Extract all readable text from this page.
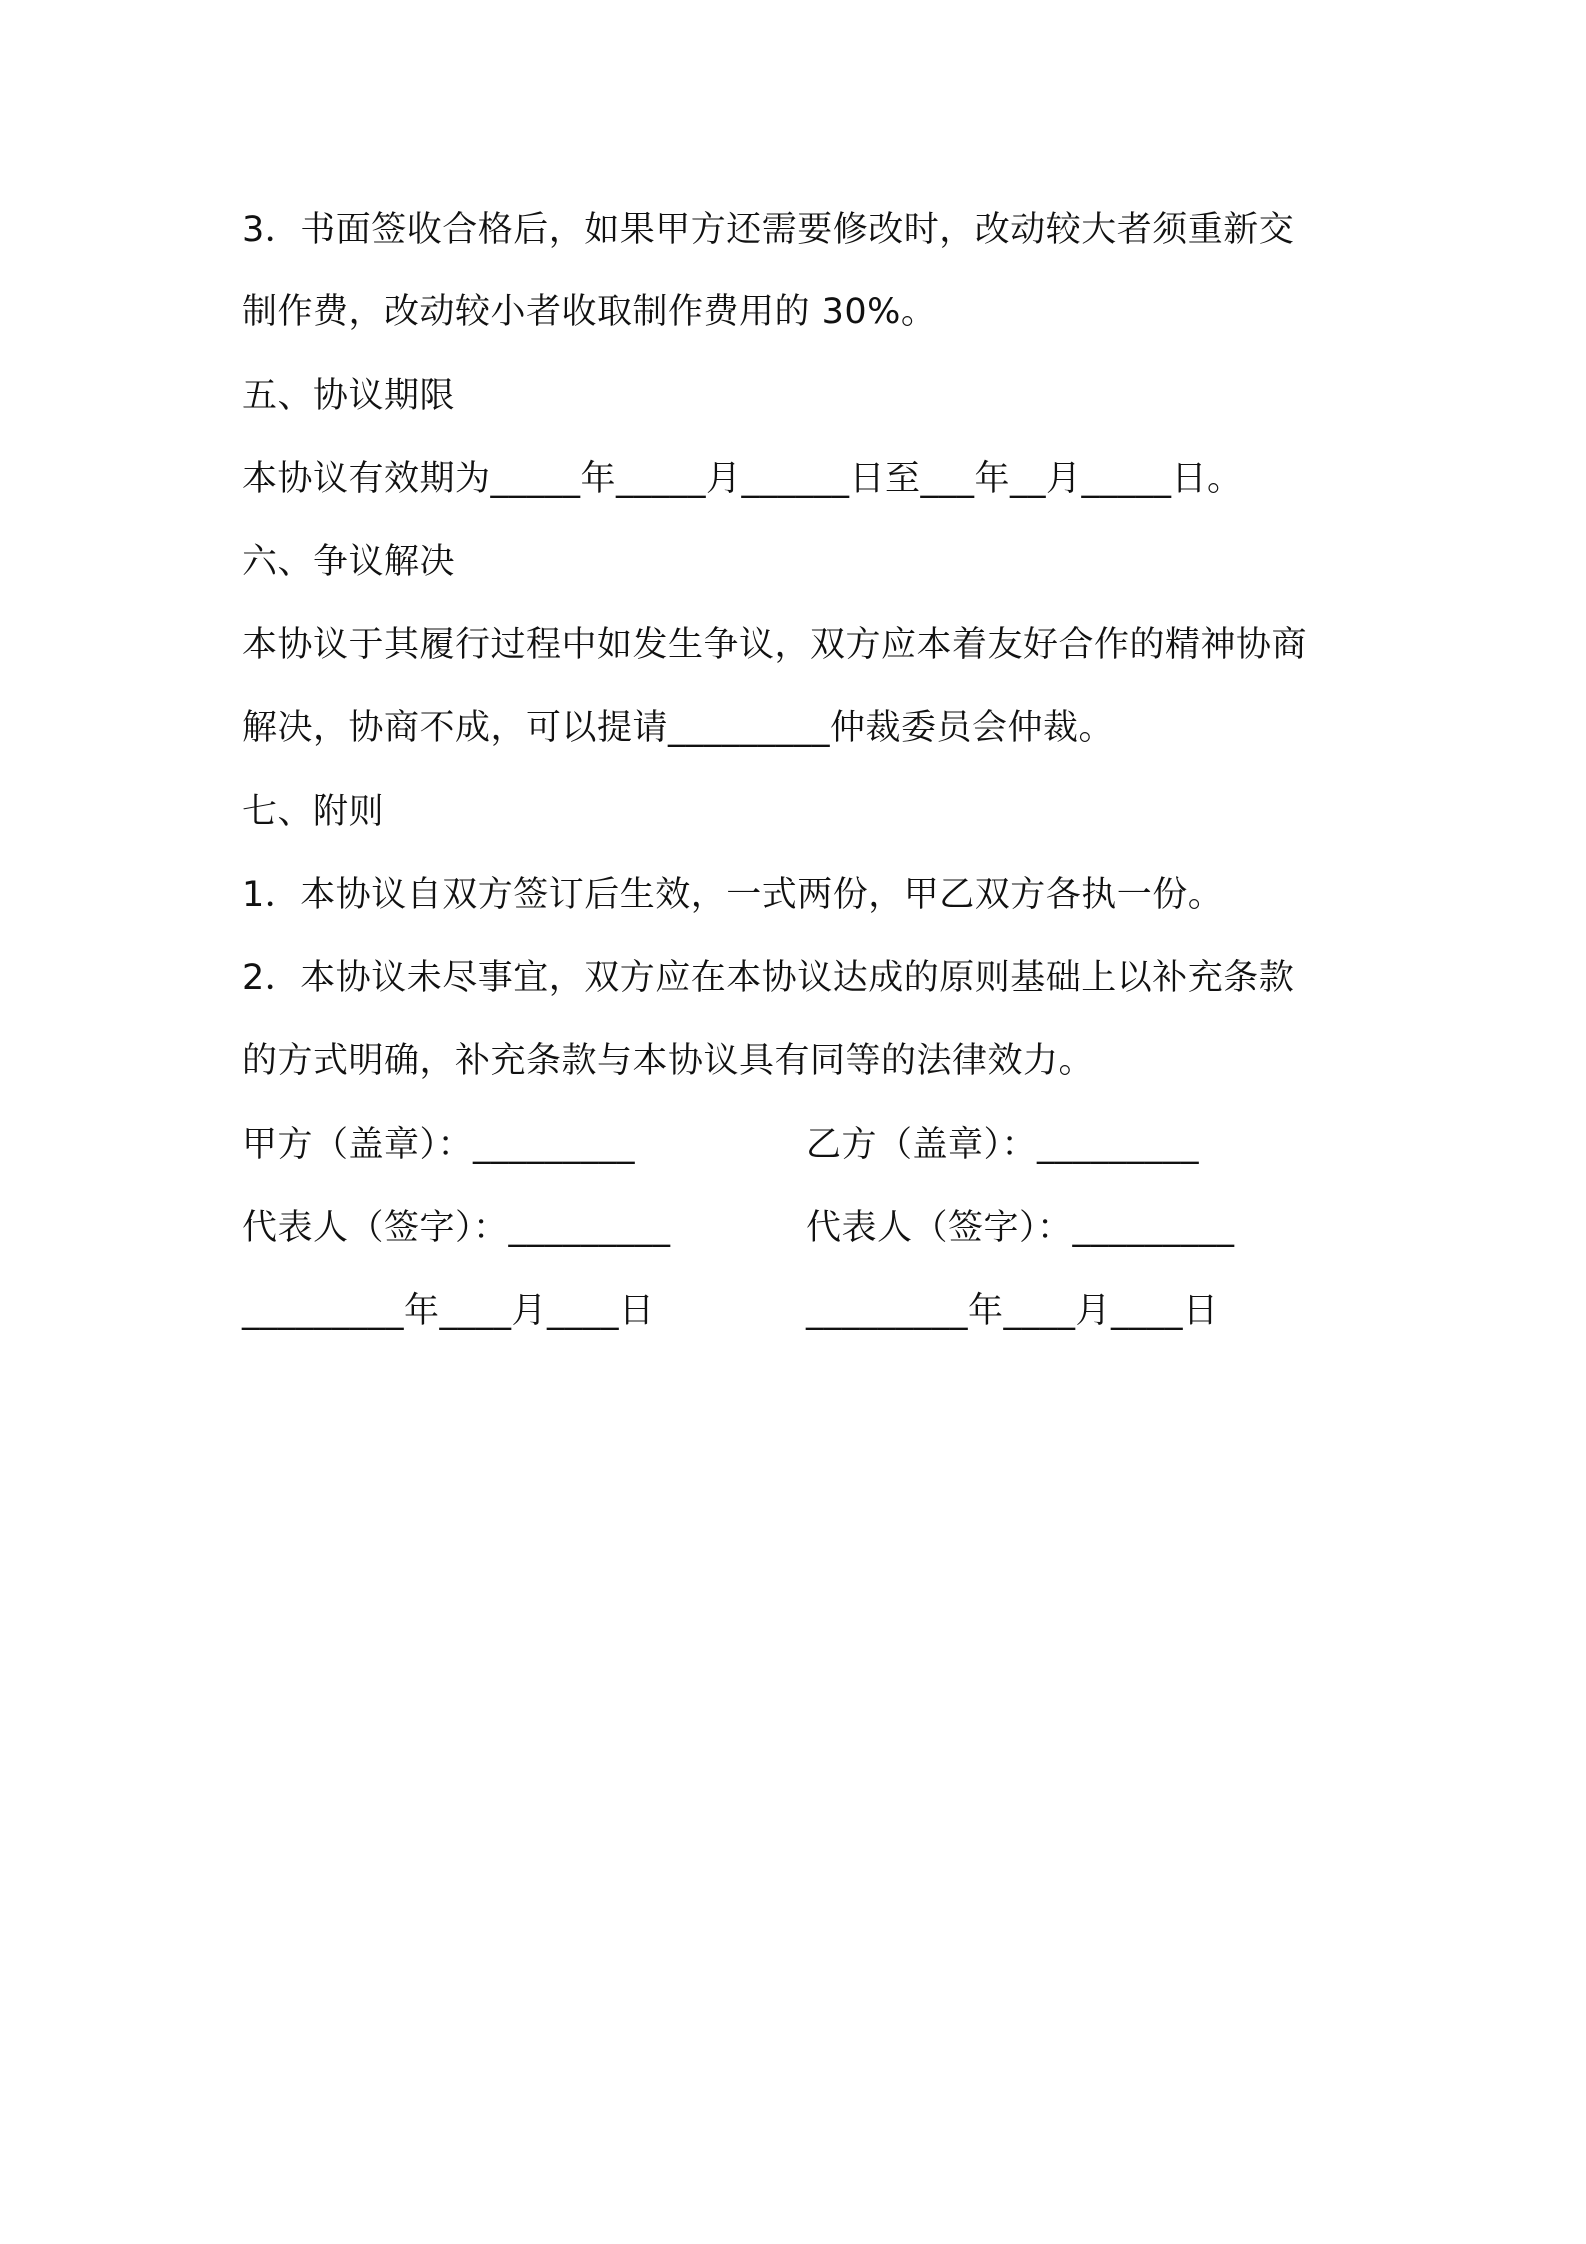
3．书面签收合格后，如果甲方还需要修改时，改动较大者须重新交
制作费，改动较小者收取制作费用的 30%。
五、协议期限
本协议有效期为_____年_____月______日至___年__月_____日。
六、争议解决
本协议于其履行过程中如发生争议，双方应本着友好合作的精神协商
解决，协商不成，可以提请_________仲裁委员会仲裁。
七、附则
1．本协议自双方签订后生效，一式两份，甲乙双方各执一份。
2．本协议未尽事宜，双方应在本协议达成的原则基础上以补充条款
的方式明确，补充条款与本协议具有同等的法律效力。
甲方（盖章）：_________	乙方（盖章）：_________
代表人（签字）：_________	代表人（签字）：_________
_________年____月____日	_________年____月____日
